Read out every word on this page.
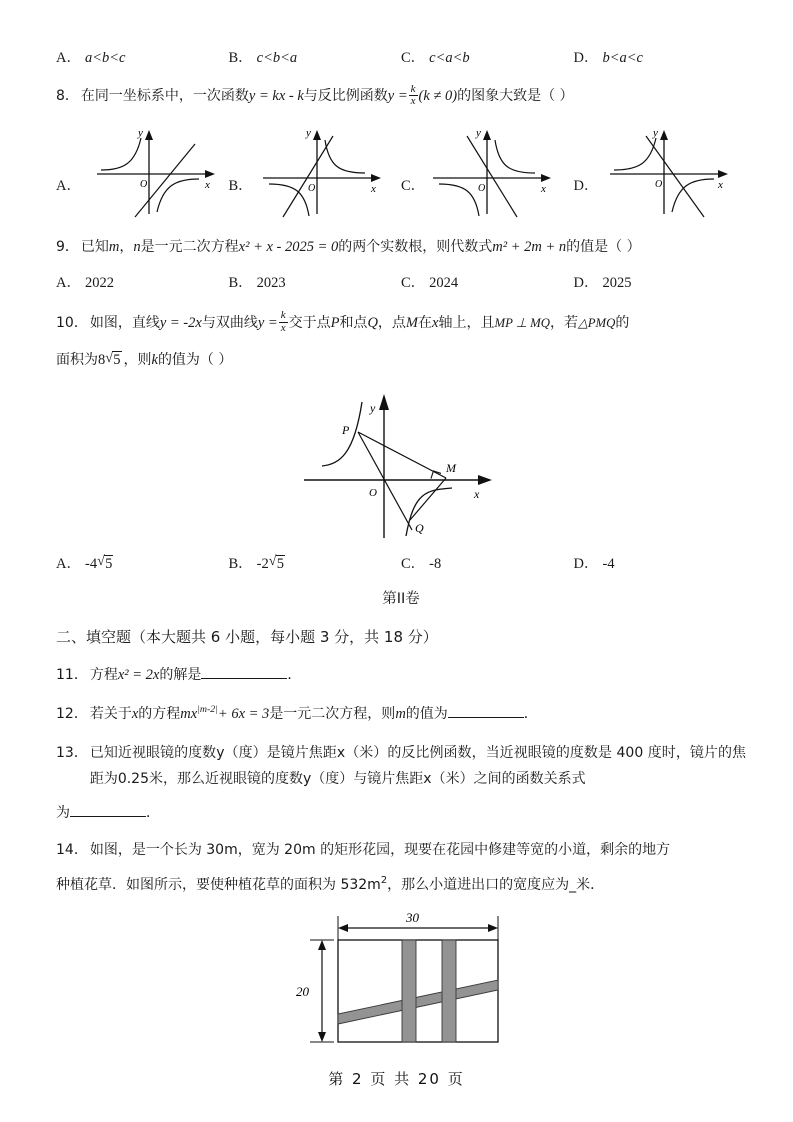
A． a<b<c	B． c<b<a	C． c<a<b	D． b<a<c
8． 在同一坐标系中，一次函数y = kx - k与反比例函数$y = \frac{k}{x} (k \ne 0)$的图象大致是（ ）
A．
y
x
O	B．
y
x
O	C．
y
x
O	D．
y
x
O
9． 已知m，n是一元二次方程x² + x - 2025 = 0的两个实数根，则代数式m² + 2m + n的值是（ ）
A． 2022	B． 2023	C． 2024	D． 2025
10． 如图，直线y = -2x与双曲线$y = \frac{k}{x}$ 交于点P和点Q，点M在x轴上，且MP ⊥ MQ，若△PMQ的
面积为8 √ 5 ，则k的值为（ ）
P
Q
M
O	x
y
A． -4 √ 5	B． -2 √ 5	C． -8	D． -4
第II卷
二、填空题（本大题共 6 小题，每小题 3 分，共 18 分）
11． 方程x² = 2x的解是	．
12． 若关于x的方程$mx^{|m-2|}+ 6x = 3$是一元二次方程，则m的值为	．
13． 已知近视眼镜的度数y（度）是镜片焦距x（米）的反比例函数，当近视眼镜的度数是 400 度时，镜片的焦距为0.25米，那么近视眼镜的度数y（度）与镜片焦距x（米）之间的函数关系式
为	．
14． 如图，是一个长为 30m，宽为 20m 的矩形花园，现要在花园中修建等宽的小道，剩余的地方
种植花草．如图所示，要使种植花草的面积为 $532m^2$，那么小道进出口的宽度应为_米．
30
20
第 2 页 共 20 页
